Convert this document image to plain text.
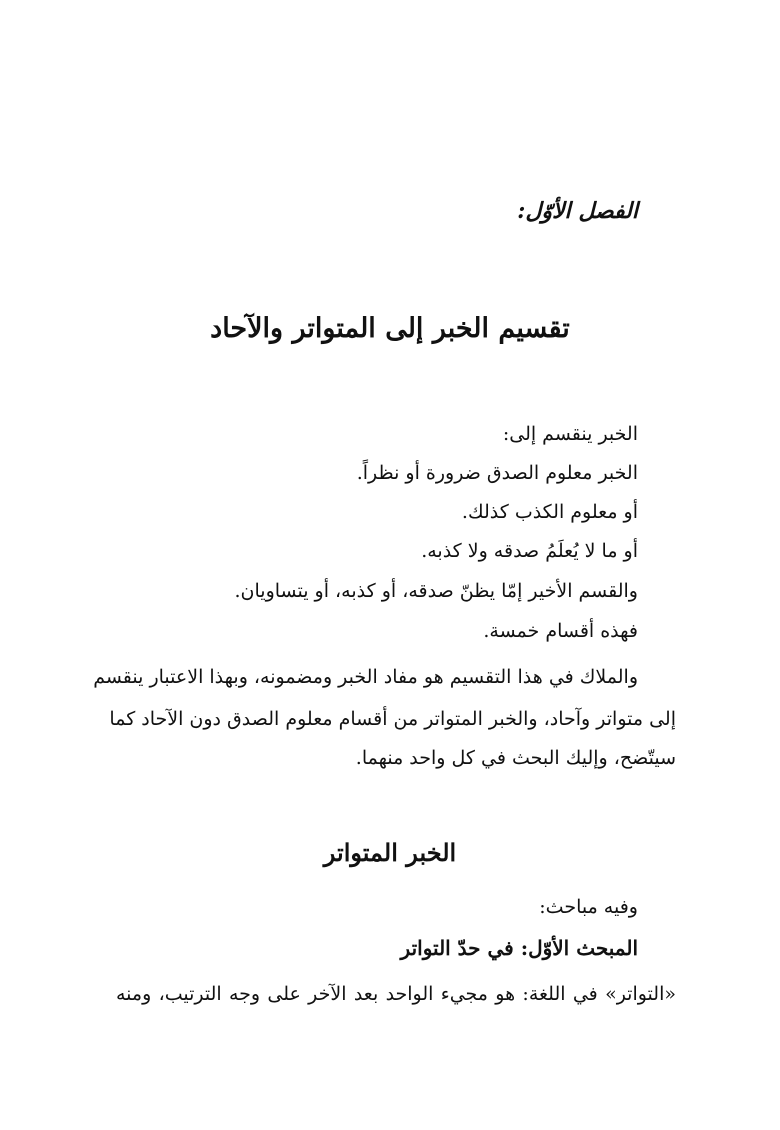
الفصل الأوّل:
تقسيم الخبر إلى المتواتر والآحاد
الخبر ينقسم إلى:
الخبر معلوم الصدق ضرورة أو نظراً.
أو معلوم الكذب كذلك.
أو ما لا يُعلَمُ صدقه ولا كذبه.
والقسم الأخير إمّا يظنّ صدقه، أو كذبه، أو يتساويان.
فهذه أقسام خمسة.
والملاك في هذا التقسيم هو مفاد الخبر ومضمونه، وبهذا الاعتبار ينقسم
إلى متواتر وآحاد، والخبر المتواتر من أقسام معلوم الصدق دون الآحاد كما
سيتّضح، وإليك البحث في كل واحد منهما.
الخبر المتواتر
وفيه مباحث:
المبحث الأوّل: في حدّ التواتر
«التواتر» في اللغة: هو مجيء الواحد بعد الآخر على وجه الترتيب، ومنه
